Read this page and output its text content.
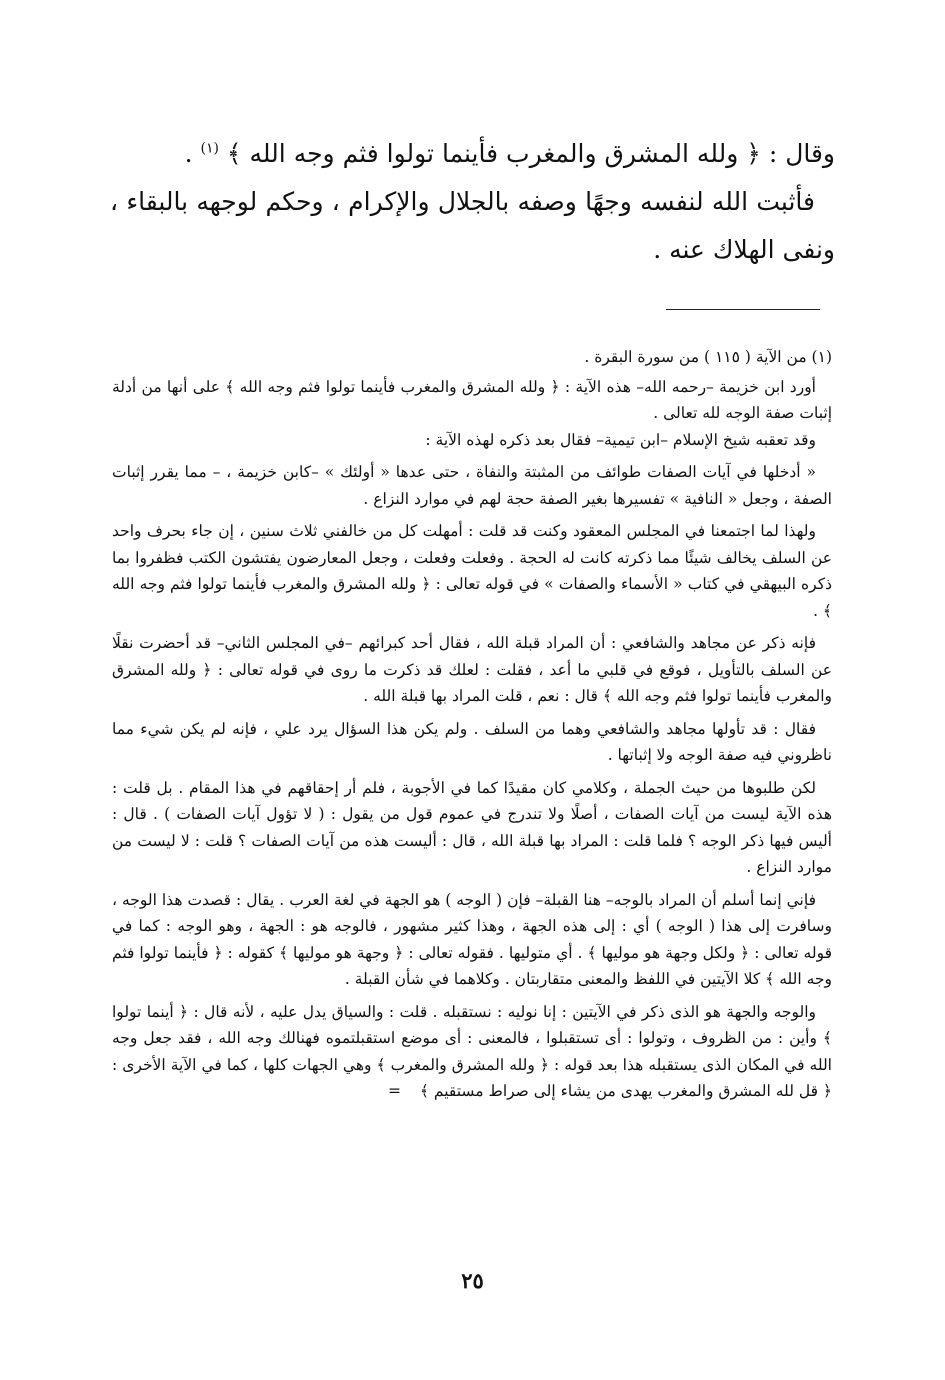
وقال : ﴿ ولله المشرق والمغرب فأينما تولوا فثم وجه الله ﴾ $^{(١)}$ .

فأثبت الله لنفسه وجهًا وصفه بالجلال والإكرام ، وحكم لوجهه بالبقاء ، ونفى الهلاك عنه .

(١) من الآية ( ١١٥ ) من سورة البقرة .

أورد ابن خزيمة –رحمه الله– هذه الآية : ﴿ ولله المشرق والمغرب فأينما تولوا فثم وجه الله ﴾ على أنها من أدلة إثبات صفة الوجه لله تعالى .

وقد تعقبه شيخ الإسلام –ابن تيمية– فقال بعد ذكره لهذه الآية :

« أدخلها في آيات الصفات طوائف من المثبتة والنفاة ، حتى عدها « أولئك » –كابن خزيمة ، – مما يقرر إثبات الصفة ، وجعل « النافية » تفسيرها بغير الصفة حجة لهم في موارد النزاع .

ولهذا لما اجتمعنا في المجلس المعقود وكنت قد قلت : أمهلت كل من خالفني ثلاث سنين ، إن جاء بحرف واحد عن السلف يخالف شيئًا مما ذكرته كانت له الحجة . وفعلت وفعلت ، وجعل المعارضون يفتشون الكتب فظفروا بما ذكره البيهقي في كتاب « الأسماء والصفات » في قوله تعالى : ﴿ ولله المشرق والمغرب فأينما تولوا فثم وجه الله ﴾ .

فإنه ذكر عن مجاهد والشافعي : أن المراد قبلة الله ، فقال أحد كبرائهم –في المجلس الثاني– قد أحضرت نقلًا عن السلف بالتأويل ، فوقع في قلبي ما أعد ، فقلت : لعلك قد ذكرت ما روى في قوله تعالى : ﴿ ولله المشرق والمغرب فأينما تولوا فثم وجه الله ﴾ قال : نعم ، قلت المراد بها قبلة الله .

فقال : قد تأولها مجاهد والشافعي وهما من السلف . ولم يكن هذا السؤال يرد علي ، فإنه لم يكن شيء مما ناظروني فيه صفة الوجه ولا إثباتها .

لكن طلبوها من حيث الجملة ، وكلامي كان مقيدًا كما في الأجوبة ، فلم أر إحقاقهم في هذا المقام . بل قلت : هذه الآية ليست من آيات الصفات ، أصلًا ولا تندرج في عموم قول من يقول : ( لا تؤول آيات الصفات ) . قال : أليس فيها ذكر الوجه ؟ فلما قلت : المراد بها قبلة الله ، قال : أليست هذه من آيات الصفات ؟ قلت : لا ليست من موارد النزاع .

فإني إنما أسلم أن المراد بالوجه– هنا القبلة– فإن ( الوجه ) هو الجهة في لغة العرب . يقال : قصدت هذا الوجه ، وسافرت إلى هذا ( الوجه ) أي : إلى هذه الجهة ، وهذا كثير مشهور ، فالوجه هو : الجهة ، وهو الوجه : كما في قوله تعالى : ﴿ ولكل وجهة هو موليها ﴾ . أي متوليها . فقوله تعالى : ﴿ وجهة هو موليها ﴾ كقوله : ﴿ فأينما تولوا فثم وجه الله ﴾ كلا الآيتين في اللفظ والمعنى متقاربتان . وكلاهما في شأن القبلة .

والوجه والجهة هو الذى ذكر في الآيتين : إنا نوليه : نستقبله . قلت : والسياق يدل عليه ، لأنه قال : ﴿ أينما تولوا ﴾ وأين : من الظروف ، وتولوا : أى تستقبلوا ، فالمعنى : أى موضع استقبلتموه فهنالك وجه الله ، فقد جعل وجه الله في المكان الذى يستقبله هذا بعد قوله : ﴿ ولله المشرق والمغرب ﴾ وهي الجهات كلها ، كما في الآية الأخرى : ﴿ قل لله المشرق والمغرب يهدى من يشاء إلى صراط مستقيم ﴾ =

٢٥
